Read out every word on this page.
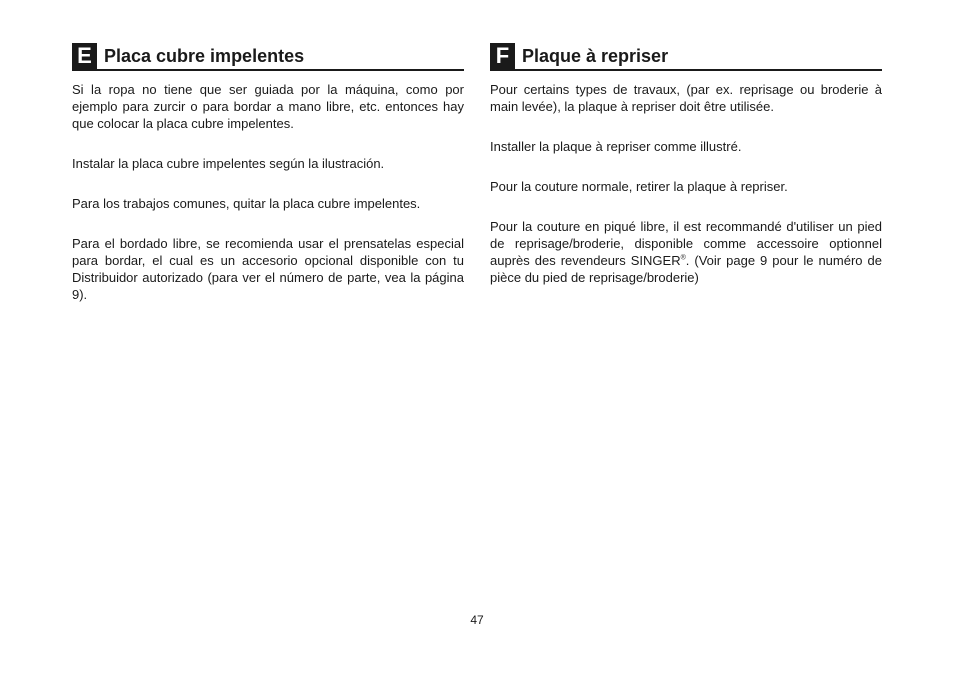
E Placa cubre impelentes

Si la ropa no tiene que ser guiada por la máquina, como por ejemplo para zurcir o para bordar a mano libre, etc. entonces hay que colocar la placa cubre impelentes.

Instalar la placa cubre impelentes según la ilustración.

Para los trabajos comunes, quitar la placa cubre impelentes.

Para el bordado libre, se recomienda usar el prensatelas especial para bordar, el cual es un accesorio opcional disponible con tu Distribuidor autorizado (para ver el número de parte, vea la página 9).

F Plaque à repriser

Pour certains types de travaux, (par ex. reprisage ou broderie à main levée), la plaque à repriser doit être utilisée.

Installer la plaque à repriser comme illustré.

Pour la couture normale, retirer la plaque à repriser.

Pour la couture en piqué libre, il est recommandé d'utiliser un pied de reprisage/broderie, disponible comme accessoire optionnel auprès des revendeurs SINGER®. (Voir page 9 pour le numéro de pièce du pied de reprisage/broderie)

47
